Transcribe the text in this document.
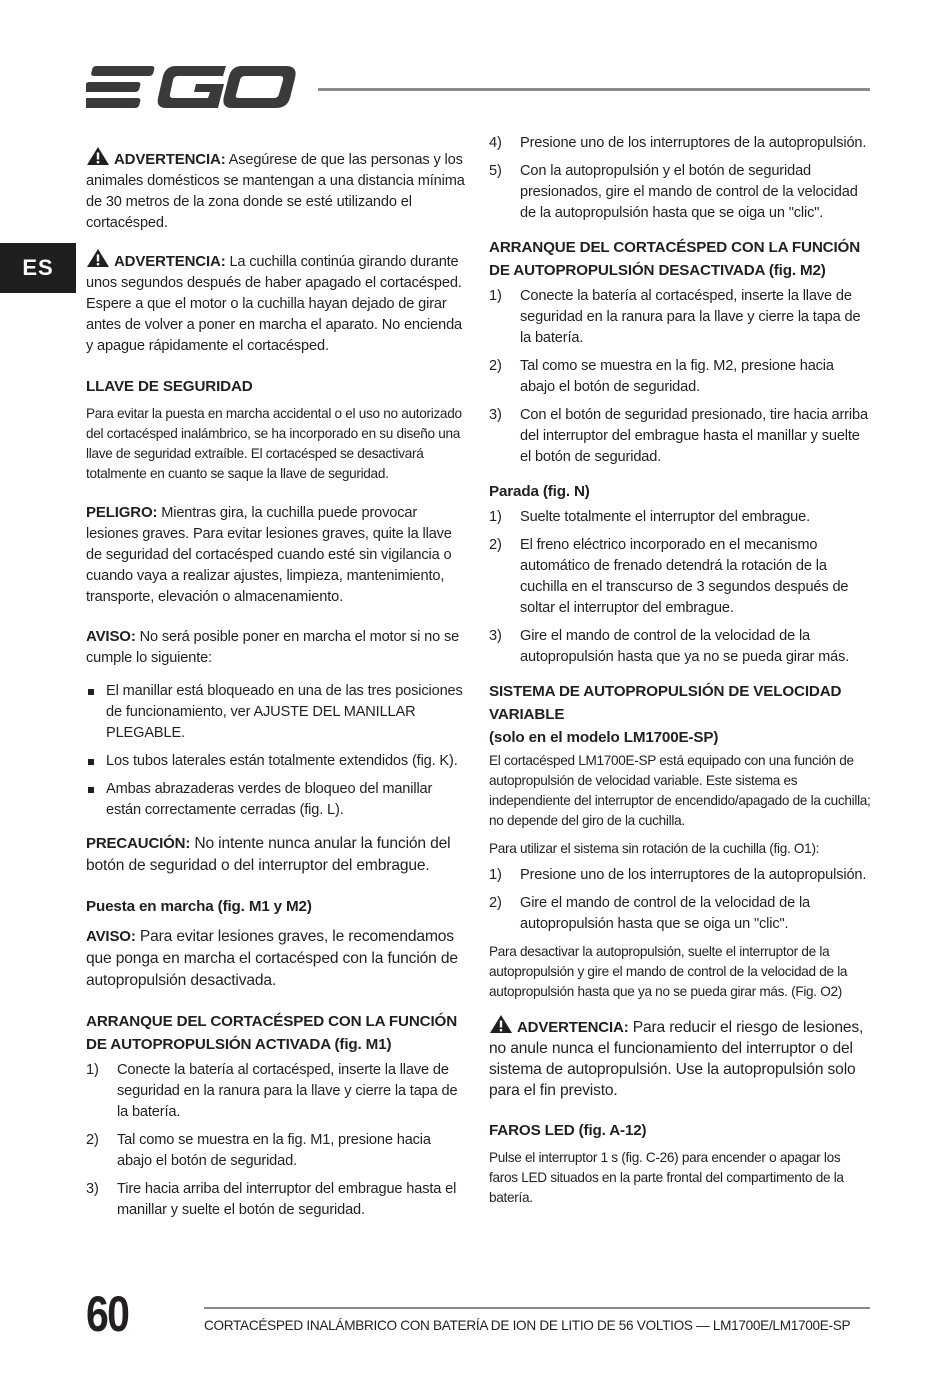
ES

ADVERTENCIA: Asegúrese de que las personas y los animales domésticos se mantengan a una distancia mínima de 30 metros de la zona donde se esté utilizando el cortacésped.

ADVERTENCIA: La cuchilla continúa girando durante unos segundos después de haber apagado el cortacésped. Espere a que el motor o la cuchilla hayan dejado de girar antes de volver a poner en marcha el aparato. No encienda y apague rápidamente el cortacésped.

LLAVE DE SEGURIDAD

Para evitar la puesta en marcha accidental o el uso no autorizado del cortacésped inalámbrico, se ha incorporado en su diseño una llave de seguridad extraíble. El cortacésped se desactivará totalmente en cuanto se saque la llave de seguridad.

PELIGRO: Mientras gira, la cuchilla puede provocar lesiones graves. Para evitar lesiones graves, quite la llave de seguridad del cortacésped cuando esté sin vigilancia o cuando vaya a realizar ajustes, limpieza, mantenimiento, transporte, elevación o almacenamiento.

AVISO: No será posible poner en marcha el motor si no se cumple lo siguiente:

El manillar está bloqueado en una de las tres posiciones de funcionamiento, ver AJUSTE DEL MANILLAR PLEGABLE.
Los tubos laterales están totalmente extendidos (fig. K).
Ambas abrazaderas verdes de bloqueo del manillar están correctamente cerradas (fig. L).

PRECAUCIÓN: No intente nunca anular la función del botón de seguridad o del interruptor del embrague.

Puesta en marcha (fig. M1 y M2)

AVISO: Para evitar lesiones graves, le recomendamos que ponga en marcha el cortacésped con la función de autopropulsión desactivada.

ARRANQUE DEL CORTACÉSPED CON LA FUNCIÓN DE AUTOPROPULSIÓN ACTIVADA (fig. M1)
1) Conecte la batería al cortacésped, inserte la llave de seguridad en la ranura para la llave y cierre la tapa de la batería.
2) Tal como se muestra en la fig. M1, presione hacia abajo el botón de seguridad.
3) Tire hacia arriba del interruptor del embrague hasta el manillar y suelte el botón de seguridad.
4) Presione uno de los interruptores de la autopropulsión.
5) Con la autopropulsión y el botón de seguridad presionados, gire el mando de control de la velocidad de la autopropulsión hasta que se oiga un "clic".
ARRANQUE DEL CORTACÉSPED CON LA FUNCIÓN DE AUTOPROPULSIÓN DESACTIVADA (fig. M2)
1) Conecte la batería al cortacésped, inserte la llave de seguridad en la ranura para la llave y cierre la tapa de la batería.
2) Tal como se muestra en la fig. M2, presione hacia abajo el botón de seguridad.
3) Con el botón de seguridad presionado, tire hacia arriba del interruptor del embrague hasta el manillar y suelte el botón de seguridad.
Parada (fig. N)
1) Suelte totalmente el interruptor del embrague.
2) El freno eléctrico incorporado en el mecanismo automático de frenado detendrá la rotación de la cuchilla en el transcurso de 3 segundos después de soltar el interruptor del embrague.
3) Gire el mando de control de la velocidad de la autopropulsión hasta que ya no se pueda girar más.
SISTEMA DE AUTOPROPULSIÓN DE VELOCIDAD VARIABLE
(solo en el modelo LM1700E-SP)

El cortacésped LM1700E-SP está equipado con una función de autopropulsión de velocidad variable. Este sistema es independiente del interruptor de encendido/apagado de la cuchilla; no depende del giro de la cuchilla.

Para utilizar el sistema sin rotación de la cuchilla (fig. O1):

1) Presione uno de los interruptores de la autopropulsión.
2) Gire el mando de control de la velocidad de la autopropulsión hasta que se oiga un "clic".

Para desactivar la autopropulsión, suelte el interruptor de la autopropulsión y gire el mando de control de la velocidad de la autopropulsión hasta que ya no se pueda girar más. (Fig. O2)

ADVERTENCIA: Para reducir el riesgo de lesiones, no anule nunca el funcionamiento del interruptor o del sistema de autopropulsión. Use la autopropulsión solo para el fin previsto.

FAROS LED (fig. A-12)

Pulse el interruptor 1 s (fig. C-26) para encender o apagar los faros LED situados en la parte frontal del compartimento de la batería.

60	CORTACÉSPED INALÁMBRICO CON BATERÍA DE ION DE LITIO DE 56 VOLTIOS — LM1700E/LM1700E-SP
